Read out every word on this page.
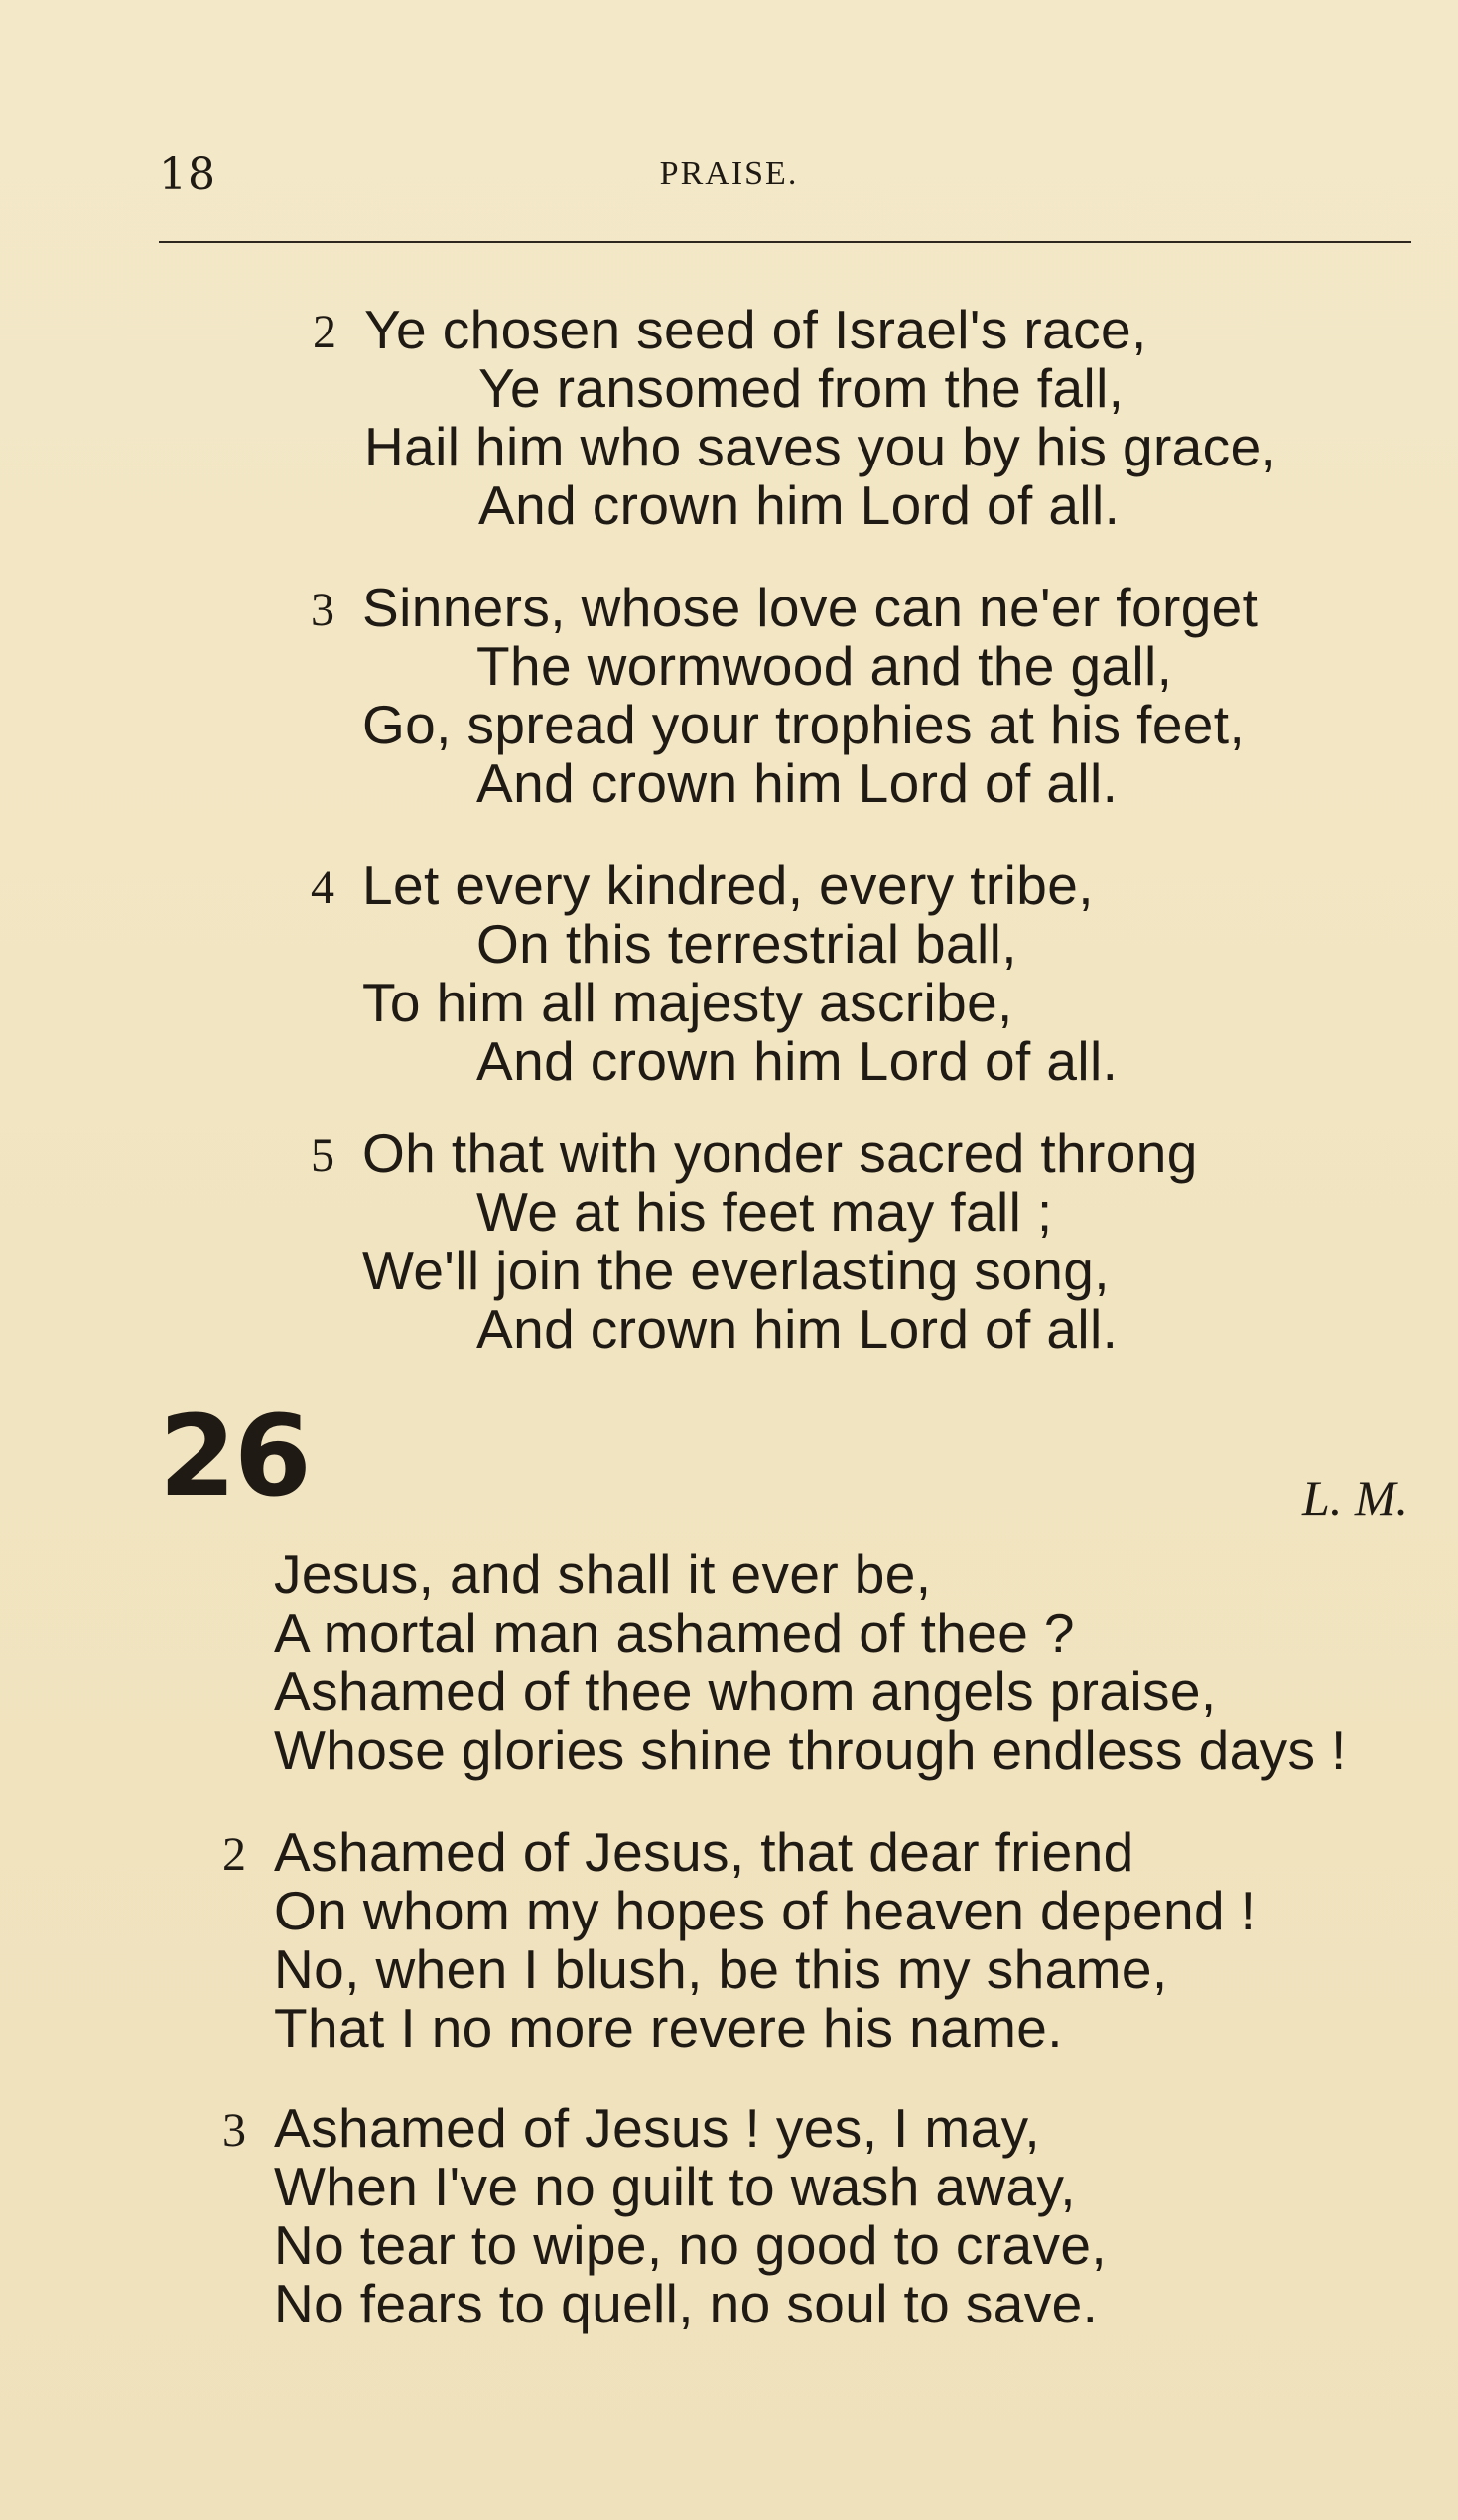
18	PRAISE.
2 Ye chosen seed of Israel's race,
Ye ransomed from the fall,
Hail him who saves you by his grace,
And crown him Lord of all.
3 Sinners, whose love can ne'er forget
The wormwood and the gall,
Go, spread your trophies at his feet,
And crown him Lord of all.
4 Let every kindred, every tribe,
On this terrestrial ball,
To him all majesty ascribe,
And crown him Lord of all.
5 Oh that with yonder sacred throng
We at his feet may fall ;
We'll join the everlasting song,
And crown him Lord of all.
26	L. M.
Jesus, and shall it ever be,
A mortal man ashamed of thee ?
Ashamed of thee whom angels praise,
Whose glories shine through endless days !
2 Ashamed of Jesus, that dear friend
On whom my hopes of heaven depend !
No, when I blush, be this my shame,
That I no more revere his name.
3 Ashamed of Jesus ! yes, I may,
When I've no guilt to wash away,
No tear to wipe, no good to crave,
No fears to quell, no soul to save.
